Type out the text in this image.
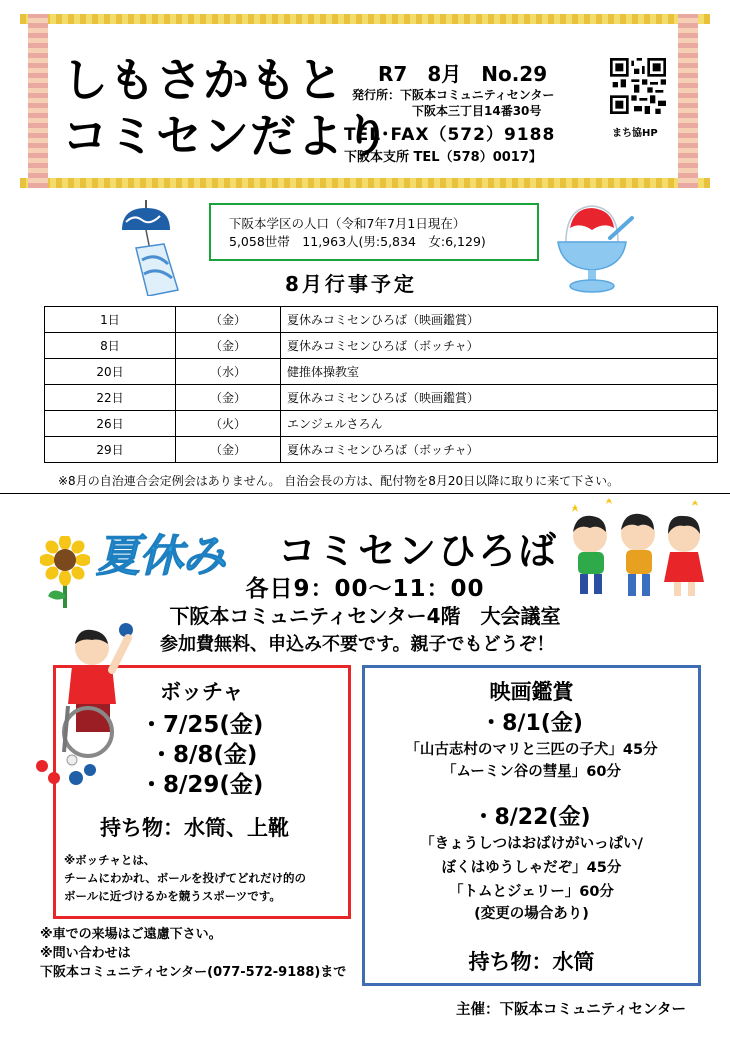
しもさかもと
コミセンだより
R7　8月　No.29
発行所：下阪本コミュニティセンター
下阪本三丁目14番30号
TEL･FAX（572）9188
下阪本支所 TEL（578）0017】
まち協HP
下阪本学区の人口（令和7年7月1日現在）
5,058世帯　11,963人(男:5,834　女:6,129)
8月行事予定
1日	（金）	夏休みコミセンひろば（映画鑑賞）
8日	（金）	夏休みコミセンひろば（ボッチャ）
20日	（水）	健推体操教室
22日	（金）	夏休みコミセンひろば（映画鑑賞）
26日	（火）	エンジェルさろん
29日	（金）	夏休みコミセンひろば（ボッチャ）
※8月の自治連合会定例会はありません。 自治会長の方は、配付物を8月20日以降に取りに来て下さい。
夏休み コミセンひろば
各日9：00～11：00
下阪本コミュニティセンター4階　大会議室
参加費無料、申込み不要です。親子でもどうぞ！
ボッチャ
・7/25(金)
・8/8(金)
・8/29(金)
持ち物：水筒、上靴
※ボッチャとは、
チームにわかれ、ボールを投げてどれだけ的の
ボールに近づけるかを競うスポーツです。
映画鑑賞
・8/1(金)
「山古志村のマリと三匹の子犬」45分
「ムーミン谷の彗星」60分
・8/22(金)
「きょうしつはおばけがいっぱい/
ぼくはゆうしゃだぞ」45分
「トムとジェリー」60分
(変更の場合あり)
持ち物：水筒
※車での来場はご遠慮下さい。
※問い合わせは
下阪本コミュニティセンター(077-572-9188)まで
主催：下阪本コミュニティセンター
